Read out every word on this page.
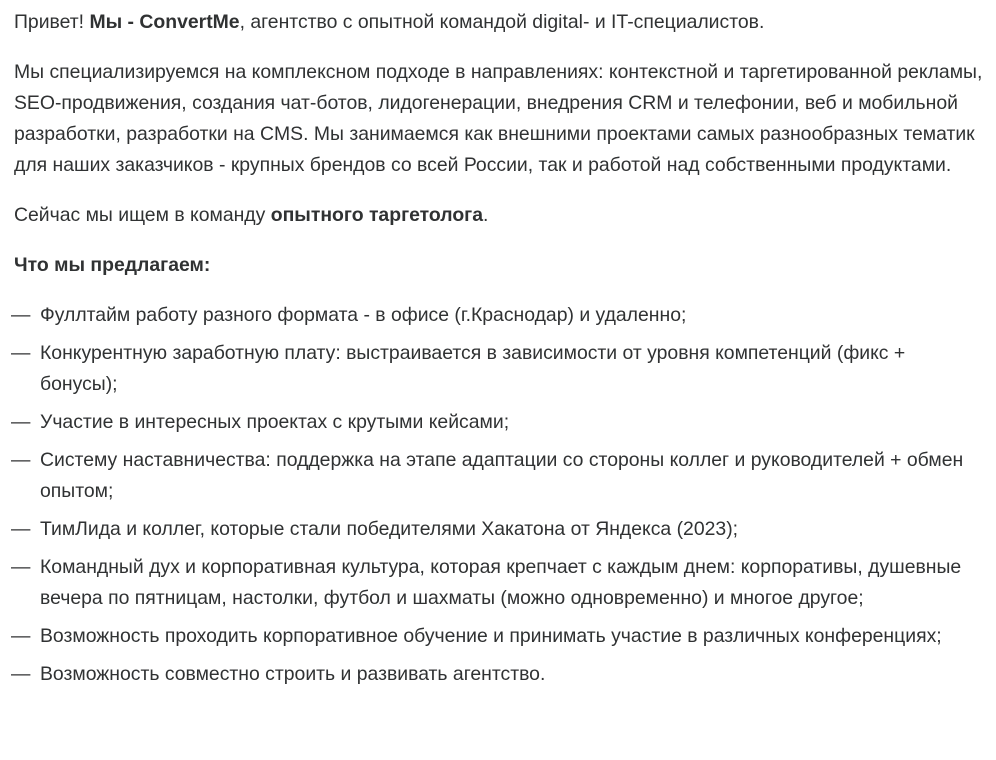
Привет! Мы - ConvertMe, агентство с опытной командой digital- и IT-специалистов.

Мы специализируемся на комплексном подходе в направлениях: контекстной и таргетированной рекламы, SEO-продвижения, создания чат-ботов, лидогенерации, внедрения CRM и телефонии, веб и мобильной разработки, разработки на CMS. Мы занимаемся как внешними проектами самых разнообразных тематик для наших заказчиков - крупных брендов со всей России, так и работой над собственными продуктами.

Сейчас мы ищем в команду опытного таргетолога.

Что мы предлагаем:

— Фуллтайм работу разного формата - в офисе (г.Краснодар) и удаленно;
— Конкурентную заработную плату: выстраивается в зависимости от уровня компетенций (фикс + бонусы);
— Участие в интересных проектах с крутыми кейсами;
— Систему наставничества: поддержка на этапе адаптации со стороны коллег и руководителей + обмен опытом;
— ТимЛида и коллег, которые стали победителями Хакатона от Яндекса (2023);
— Командный дух и корпоративная культура, которая крепчает с каждым днем: корпоративы, душевные вечера по пятницам, настолки, футбол и шахматы (можно одновременно) и многое другое;
— Возможность проходить корпоративное обучение и принимать участие в различных конференциях;
— Возможность совместно строить и развивать агентство.
